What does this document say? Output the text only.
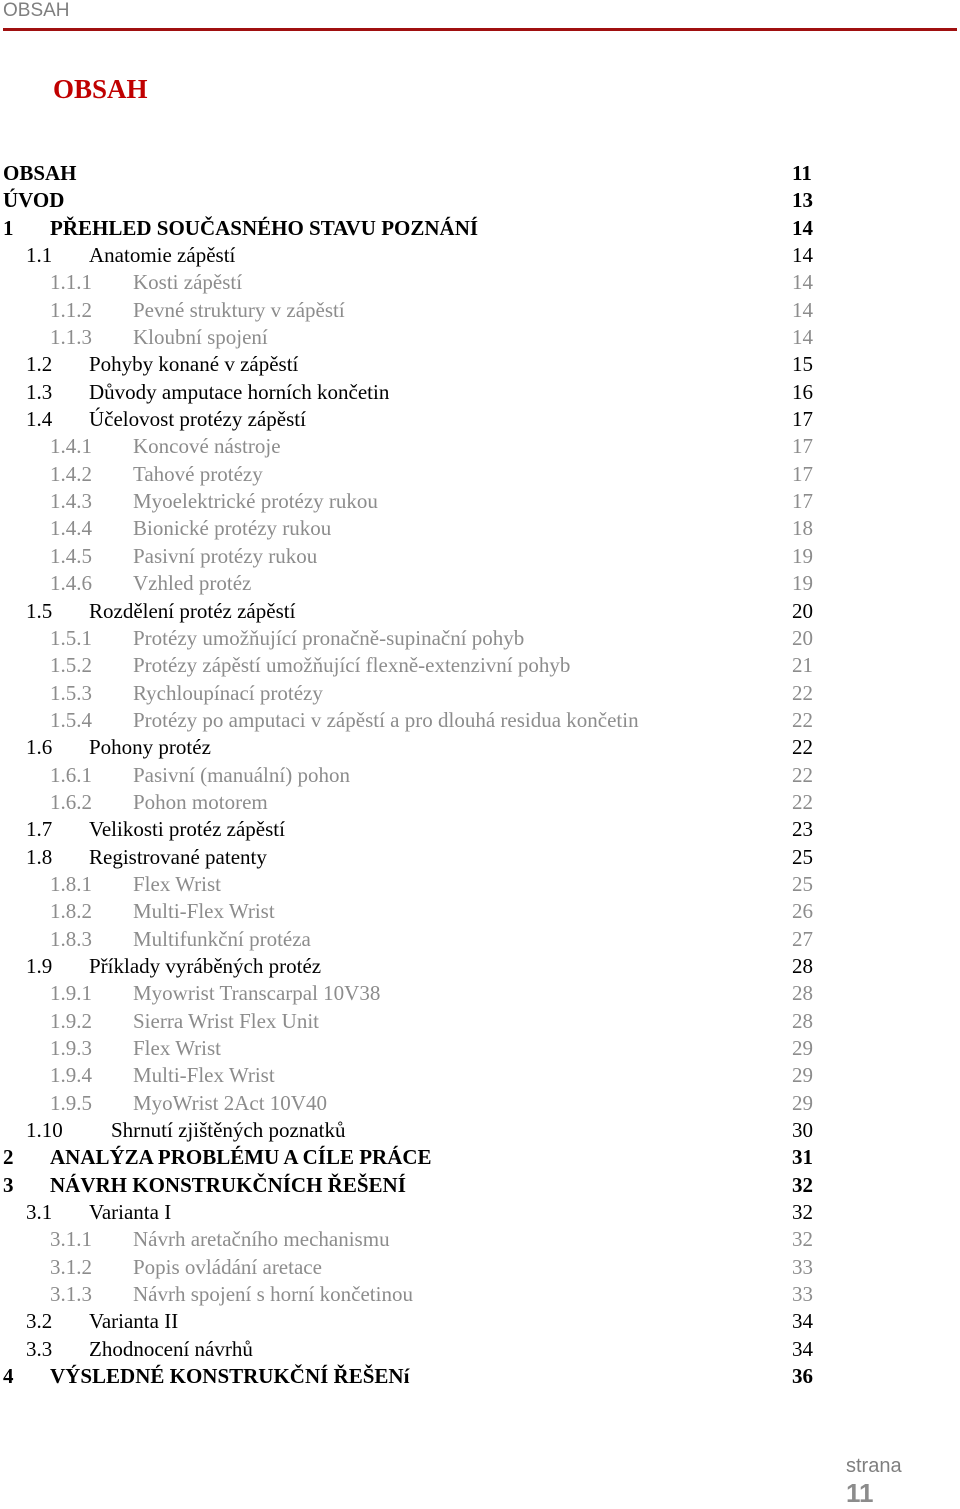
OBSAH
OBSAH
OBSAH	11
ÚVOD	13
1 PŘEHLED SOUČASNÉHO STAVU POZNÁNÍ	14
1.1 Anatomie zápěstí	14
1.1.1 Kosti zápěstí	14
1.1.2 Pevné struktury v zápěstí	14
1.1.3 Kloubní spojení	14
1.2 Pohyby konané v zápěstí	15
1.3 Důvody amputace horních končetin	16
1.4 Účelovost protézy zápěstí	17
1.4.1 Koncové nástroje	17
1.4.2 Tahové protézy	17
1.4.3 Myoelektrické protézy rukou	17
1.4.4 Bionické protézy rukou	18
1.4.5 Pasivní protézy rukou	19
1.4.6 Vzhled protéz	19
1.5 Rozdělení protéz zápěstí	20
1.5.1 Protézy umožňující pronačně-supinační pohyb	20
1.5.2 Protézy zápěstí umožňující flexně-extenzivní pohyb	21
1.5.3 Rychloupínací protézy	22
1.5.4 Protézy po amputaci v zápěstí a pro dlouhá residua končetin	22
1.6 Pohony protéz	22
1.6.1 Pasivní (manuální) pohon	22
1.6.2 Pohon motorem	22
1.7 Velikosti protéz zápěstí	23
1.8 Registrované patenty	25
1.8.1 Flex Wrist	25
1.8.2 Multi-Flex Wrist	26
1.8.3 Multifunkční protéza	27
1.9 Příklady vyráběných protéz	28
1.9.1 Myowrist Transcarpal 10V38	28
1.9.2 Sierra Wrist Flex Unit	28
1.9.3 Flex Wrist	29
1.9.4 Multi-Flex Wrist	29
1.9.5 MyoWrist 2Act 10V40	29
1.10 Shrnutí zjištěných poznatků	30
2 ANALÝZA PROBLÉMU A CÍLE PRÁCE	31
3 NÁVRH KONSTRUKČNÍCH ŘEŠENÍ	32
3.1 Varianta I	32
3.1.1 Návrh aretačního mechanismu	32
3.1.2 Popis ovládání aretace	33
3.1.3 Návrh spojení s horní končetinou	33
3.2 Varianta II	34
3.3 Zhodnocení návrhů	34
4 VÝSLEDNÉ KONSTRUKČNÍ ŘEŠENí	36
strana
11
